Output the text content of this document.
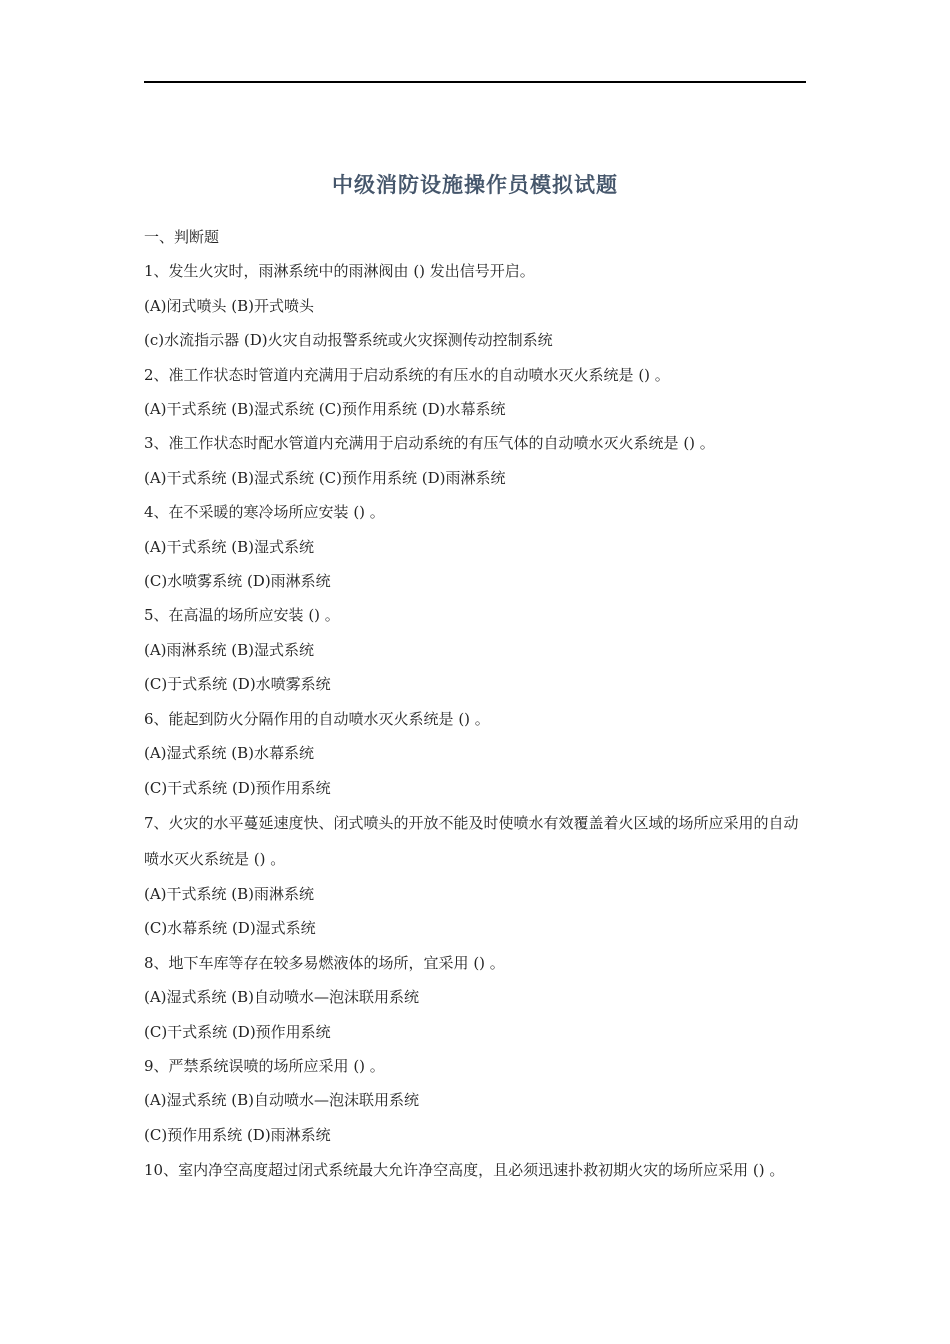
中级消防设施操作员模拟试题

一、判断题

1、发生火灾时，雨淋系统中的雨淋阀由 () 发出信号开启。

(A)闭式喷头 (B)开式喷头

(c)水流指示器 (D)火灾自动报警系统或火灾探测传动控制系统

2、准工作状态时管道内充满用于启动系统的有压水的自动喷水灭火系统是 () 。

(A)干式系统 (B)湿式系统 (C)预作用系统 (D)水幕系统

3、准工作状态时配水管道内充满用于启动系统的有压气体的自动喷水灭火系统是 () 。

(A)干式系统 (B)湿式系统 (C)预作用系统 (D)雨淋系统

4、在不采暖的寒冷场所应安装 () 。

(A)干式系统 (B)湿式系统

(C)水喷雾系统 (D)雨淋系统

5、在高温的场所应安装 () 。

(A)雨淋系统 (B)湿式系统

(C)于式系统 (D)水喷雾系统

6、能起到防火分隔作用的自动喷水灭火系统是 () 。

(A)湿式系统 (B)水幕系统

(C)干式系统 (D)预作用系统

7、火灾的水平蔓延速度快、闭式喷头的开放不能及时使喷水有效覆盖着火区域的场所应采用的自动喷水灭火系统是 () 。

(A)干式系统 (B)雨淋系统

(C)水幕系统 (D)湿式系统

8、地下车库等存在较多易燃液体的场所，宜采用 () 。

(A)湿式系统 (B)自动喷水—泡沫联用系统

(C)干式系统 (D)预作用系统

9、严禁系统误喷的场所应采用 () 。

(A)湿式系统 (B)自动喷水—泡沫联用系统

(C)预作用系统 (D)雨淋系统

10、室内净空高度超过闭式系统最大允许净空高度，且必须迅速扑救初期火灾的场所应采用 () 。
